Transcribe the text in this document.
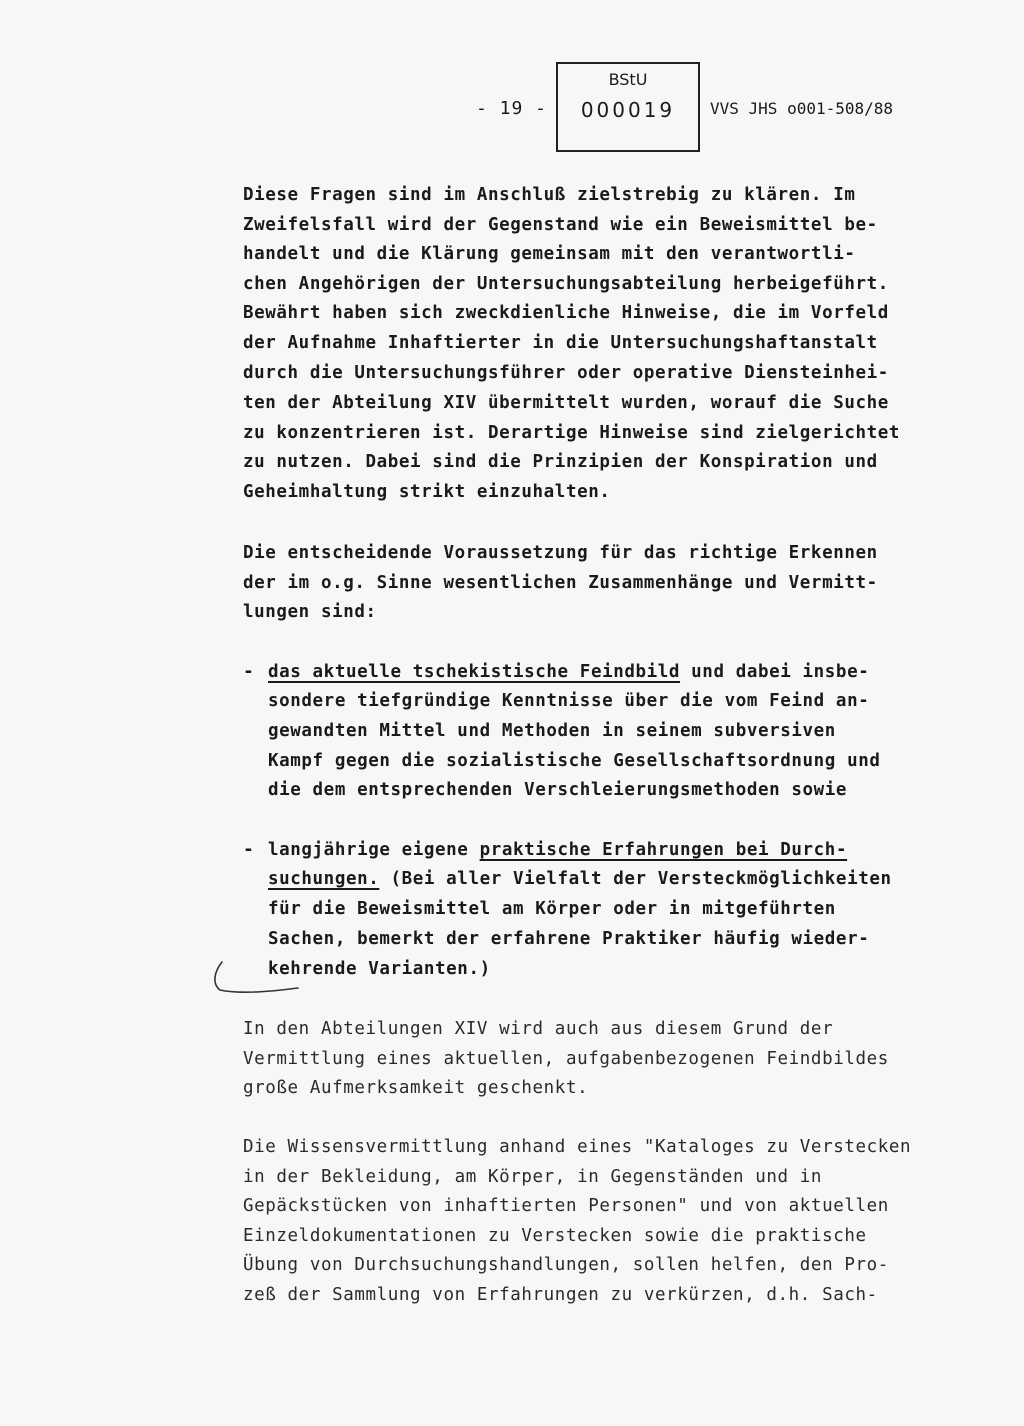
- 19 -
BStU
000019	VVS JHS o001-508/88
Diese Fragen sind im Anschluß zielstrebig zu klären. Im
Zweifelsfall wird der Gegenstand wie ein Beweismittel be-
handelt und die Klärung gemeinsam mit den verantwortli-
chen Angehörigen der Untersuchungsabteilung herbeigeführt.
Bewährt haben sich zweckdienliche Hinweise, die im Vorfeld
der Aufnahme Inhaftierter in die Untersuchungshaftanstalt
durch die Untersuchungsführer oder operative Diensteinhei-
ten der Abteilung XIV übermittelt wurden, worauf die Suche
zu konzentrieren ist. Derartige Hinweise sind zielgerichtet
zu nutzen. Dabei sind die Prinzipien der Konspiration und
Geheimhaltung strikt einzuhalten.
Die entscheidende Voraussetzung für das richtige Erkennen
der im o.g. Sinne wesentlichen Zusammenhänge und Vermitt-
lungen sind:
- das aktuelle tschekistische Feindbild und dabei insbe-
sondere tiefgründige Kenntnisse über die vom Feind an-
gewandten Mittel und Methoden in seinem subversiven
Kampf gegen die sozialistische Gesellschaftsordnung und
die dem entsprechenden Verschleierungsmethoden sowie
- langjährige eigene praktische Erfahrungen bei Durch-
suchungen. (Bei aller Vielfalt der Versteckmöglichkeiten
für die Beweismittel am Körper oder in mitgeführten
Sachen, bemerkt der erfahrene Praktiker häufig wieder-
kehrende Varianten.)
In den Abteilungen XIV wird auch aus diesem Grund der
Vermittlung eines aktuellen, aufgabenbezogenen Feindbildes
große Aufmerksamkeit geschenkt.
Die Wissensvermittlung anhand eines "Kataloges zu Verstecken
in der Bekleidung, am Körper, in Gegenständen und in
Gepäckstücken von inhaftierten Personen" und von aktuellen
Einzeldokumentationen zu Verstecken sowie die praktische
Übung von Durchsuchungshandlungen, sollen helfen, den Pro-
zeß der Sammlung von Erfahrungen zu verkürzen, d.h. Sach-
